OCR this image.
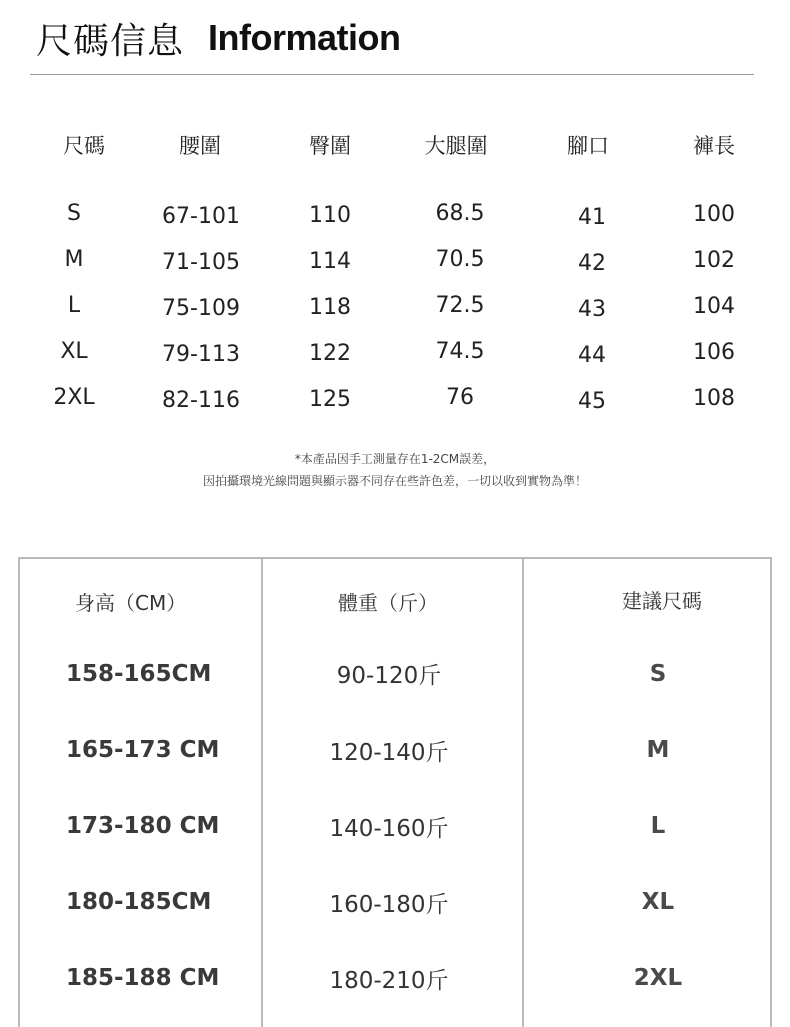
尺碼信息 Information
尺碼	腰圍	臀圍	大腿圍	腳口	褲長
S	67-101	110	68.5	41	100
M	71-105	114	70.5	42	102
L	75-109	118	72.5	43	104
XL	79-113	122	74.5	44	106
2XL	82-116	125	76	45	108
*本產品因手工測量存在1-2CM誤差，
因拍攝環境光線問題與顯示器不同存在些許色差，一切以收到實物為準！
身高（CM）	體重（斤）	建議尺碼
158-165CM	90-120斤	S
165-173 CM	120-140斤	M
173-180 CM	140-160斤	L
180-185CM	160-180斤	XL
185-188 CM	180-210斤	2XL
